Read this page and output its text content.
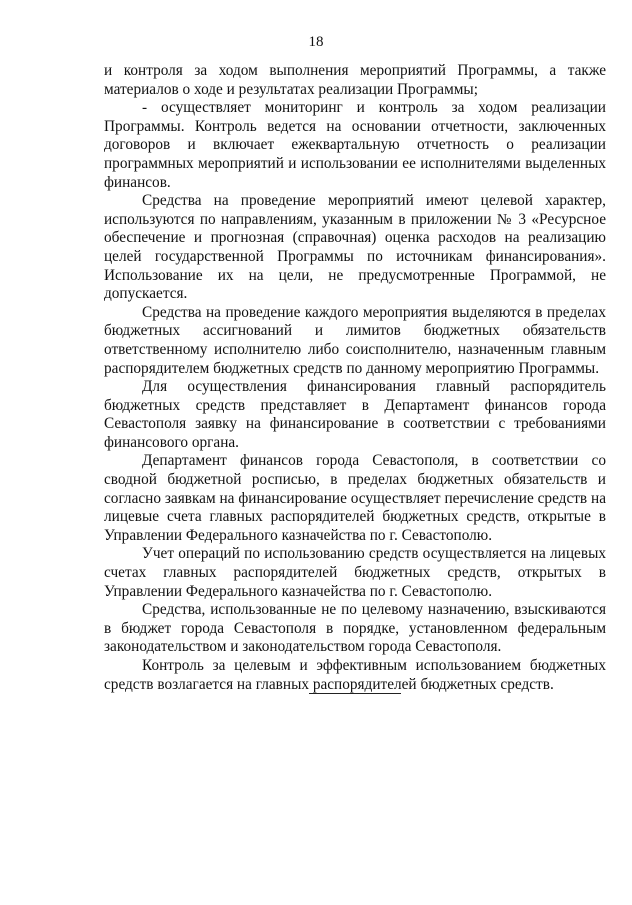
18

и контроля за ходом выполнения мероприятий Программы, а также материалов о ходе и результатах реализации Программы;

- осуществляет мониторинг и контроль за ходом реализации Программы. Контроль ведется на основании отчетности, заключенных договоров и включает ежеквартальную отчетность о реализации программных мероприятий и использовании ее исполнителями выделенных финансов.

Средства на проведение мероприятий имеют целевой характер, используются по направлениям, указанным в приложении № 3 «Ресурсное обеспечение и прогнозная (справочная) оценка расходов на реализацию целей государственной Программы по источникам финансирования». Использование их на цели, не предусмотренные Программой, не допускается.

Средства на проведение каждого мероприятия выделяются в пределах бюджетных ассигнований и лимитов бюджетных обязательств ответственному исполнителю либо соисполнителю, назначенным главным распорядителем бюджетных средств по данному мероприятию Программы.

Для осуществления финансирования главный распорядитель бюджетных средств представляет в Департамент финансов города Севастополя заявку на финансирование в соответствии с требованиями финансового органа.

Департамент финансов города Севастополя, в соответствии со сводной бюджетной росписью, в пределах бюджетных обязательств и согласно заявкам на финансирование осуществляет перечисление средств на лицевые счета главных распорядителей бюджетных средств, открытые в Управлении Федерального казначейства по г. Севастополю.

Учет операций по использованию средств осуществляется на лицевых счетах главных распорядителей бюджетных средств, открытых в Управлении Федерального казначейства по г. Севастополю.

Средства, использованные не по целевому назначению, взыскиваются в бюджет города Севастополя в порядке, установленном федеральным законодательством и законодательством города Севастополя.

Контроль за целевым и эффективным использованием бюджетных средств возлагается на главных распорядителей бюджетных средств.
